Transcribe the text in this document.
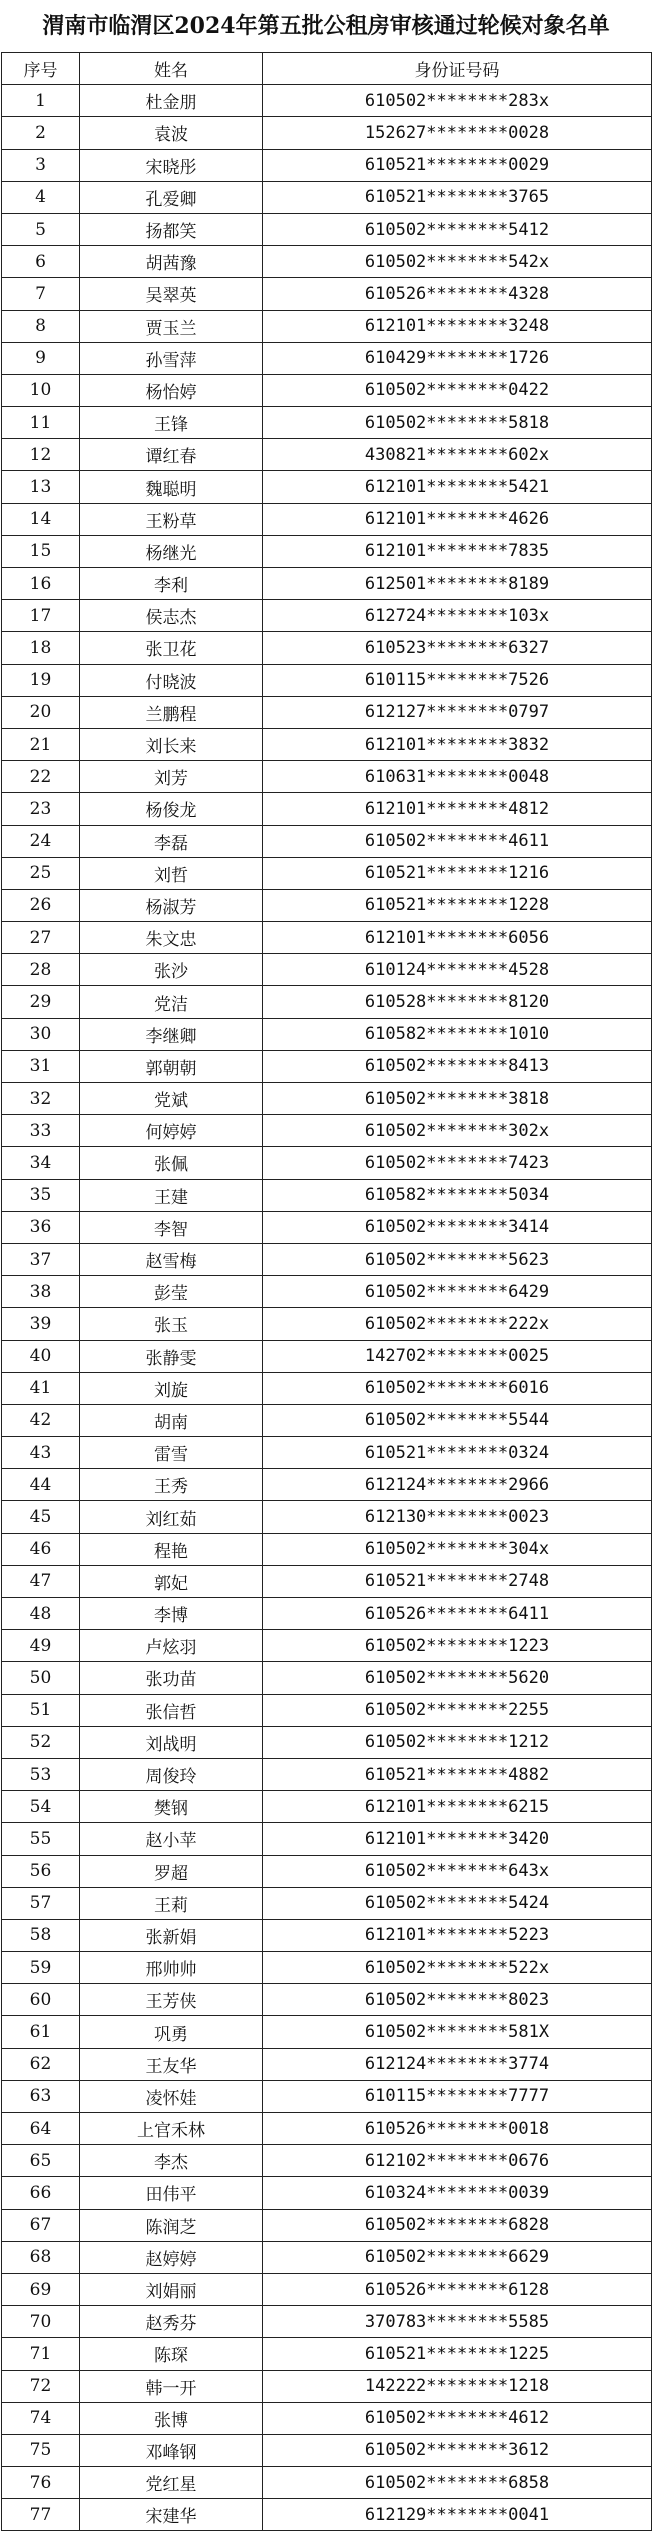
渭南市临渭区2024年第五批公租房审核通过轮候对象名单
序号	姓名	身份证号码
1	杜金朋	610502********283x
2	袁波	152627********0028
3	宋晓彤	610521********0029
4	孔爱卿	610521********3765
5	扬都笑	610502********5412
6	胡茜豫	610502********542x
7	吴翠英	610526********4328
8	贾玉兰	612101********3248
9	孙雪萍	610429********1726
10	杨怡婷	610502********0422
11	王锋	610502********5818
12	谭红春	430821********602x
13	魏聪明	612101********5421
14	王粉草	612101********4626
15	杨继光	612101********7835
16	李利	612501********8189
17	侯志杰	612724********103x
18	张卫花	610523********6327
19	付晓波	610115********7526
20	兰鹏程	612127********0797
21	刘长来	612101********3832
22	刘芳	610631********0048
23	杨俊龙	612101********4812
24	李磊	610502********4611
25	刘哲	610521********1216
26	杨淑芳	610521********1228
27	朱文忠	612101********6056
28	张沙	610124********4528
29	党洁	610528********8120
30	李继卿	610582********1010
31	郭朝朝	610502********8413
32	党斌	610502********3818
33	何婷婷	610502********302x
34	张佩	610502********7423
35	王建	610582********5034
36	李智	610502********3414
37	赵雪梅	610502********5623
38	彭莹	610502********6429
39	张玉	610502********222x
40	张静雯	142702********0025
41	刘旋	610502********6016
42	胡南	610502********5544
43	雷雪	610521********0324
44	王秀	612124********2966
45	刘红茹	612130********0023
46	程艳	610502********304x
47	郭妃	610521********2748
48	李博	610526********6411
49	卢炫羽	610502********1223
50	张功苗	610502********5620
51	张信哲	610502********2255
52	刘战明	610502********1212
53	周俊玲	610521********4882
54	樊钢	612101********6215
55	赵小苹	612101********3420
56	罗超	610502********643x
57	王莉	610502********5424
58	张新娟	612101********5223
59	邢帅帅	610502********522x
60	王芳侠	610502********8023
61	巩勇	610502********581X
62	王友华	612124********3774
63	凌怀娃	610115********7777
64	上官禾林	610526********0018
65	李杰	612102********0676
66	田伟平	610324********0039
67	陈润芝	610502********6828
68	赵婷婷	610502********6629
69	刘娟丽	610526********6128
70	赵秀芬	370783********5585
71	陈琛	610521********1225
72	韩一开	142222********1218
74	张博	610502********4612
75	邓峰钢	610502********3612
76	党红星	610502********6858
77	宋建华	612129********0041
